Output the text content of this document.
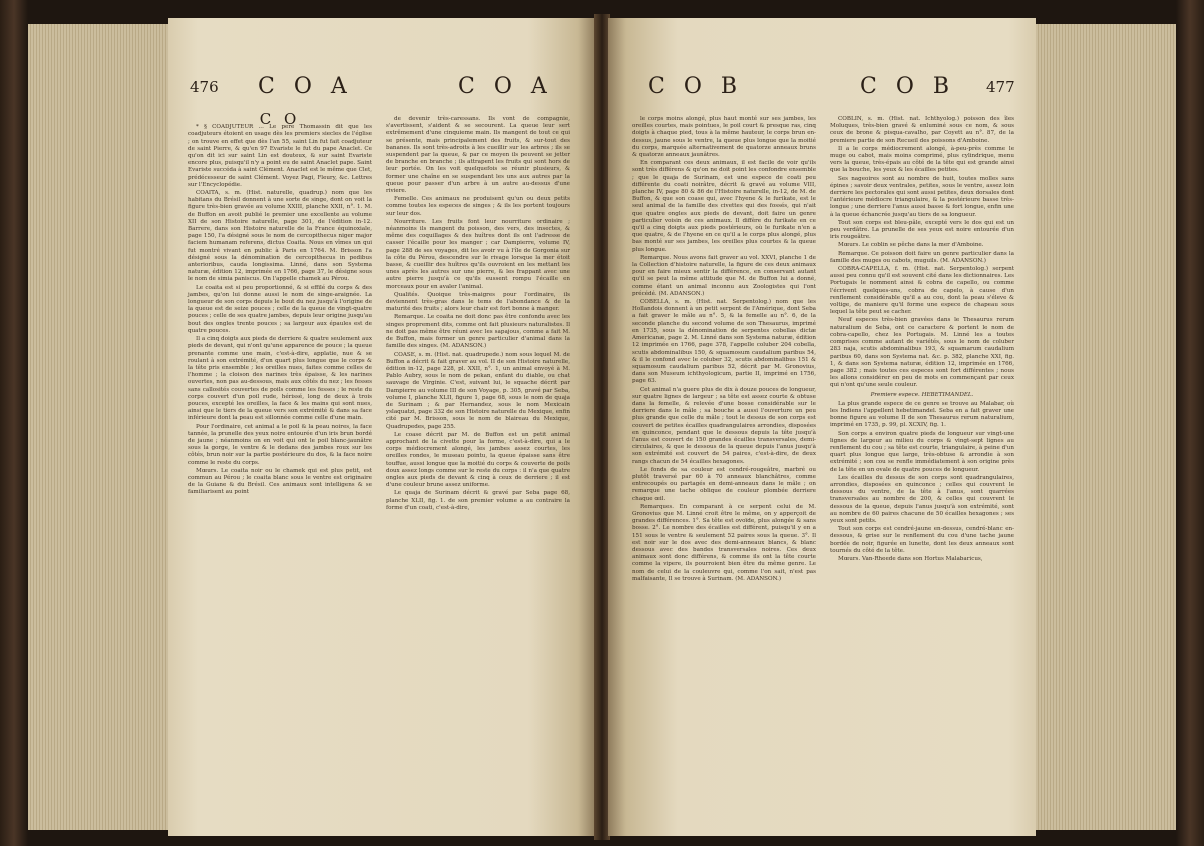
476 C O A	C O A

C O

* § COADJUTEUR ... Le pere Thomassin dit que les coadjuteurs étoient en usage dès les premiers siecles de l'église ; on trouve en effet que dès l'an 55, saint Lin fut fait coadjuteur de saint Pierre, & qu'en 97 Evariste le fut du pape Anaclet. Ce qu'on dit ici sur saint Lin est douteux, & sur saint Evariste encore plus, puisqu'il n'y a point eu de saint Anaclet pape. Saint Evariste succéda à saint Clément. Anaclet est le même que Clet, prédécesseur de saint Clément. Voyez Pagi, Fleury, &c. Lettres sur l'Encyclopédie.

COAITA, s. m. (Hist. naturelle, quadrup.) nom que les habitans du Brésil donnent à une sorte de singe, dont on voit la figure très-bien gravée au volume XXIII, planche XXII, n°. 1. M. de Buffon en avoit publié le premier une excellente au volume XII de son Histoire naturelle, page 301, de l'édition in-12. Barrere, dans son Histoire naturelle de la France équinoxiale, page 150, l'a désigné sous le nom de cercopithecus niger major faciem humanam referens, dictus Coaita. Nous en vîmes un qui fut montré vivant en public à Paris en 1764. M. Brisson l'a désigné sous la dénomination de cercopithecus in pedibus anterioribus, cauda longissima. Linné, dans son Systema naturæ, édition 12, imprimée en 1766, page 37, le désigne sous le nom de simia paniscus. On l'appelle chamek au Pérou.

Le coaita est si peu proportionné, & si effilé du corps & des jambes, qu'on lui donne aussi le nom de singe-araignée. La longueur de son corps depuis le bout du nez jusqu'à l'origine de la queue est de seize pouces ; celle de la queue de vingt-quatre pouces ; celle de ses quatre jambes, depuis leur origine jusqu'au bout des ongles trente pouces ; sa largeur aux épaules est de quatre pouces.

Il a cinq doigts aux pieds de derriere & quatre seulement aux pieds de devant, qui n'ont qu'une apparence de pouce ; la queue prenante comme une main, c'est-à-dire, applatie, nue & se roulant à son extrémité, d'un quart plus longue que le corps & la tête pris ensemble ; les oreilles nues, faites comme celles de l'homme ; la cloison des narines très épaisse, & les narines ouvertes, non pas au-dessous, mais aux côtés du nez ; les fesses sans callosités couvertes de poils comme les fesses ; le reste du corps couvert d'un poil rude, hérissé, long de deux à trois pouces, excepté les oreilles, la face & les mains qui sont nues, ainsi que le tiers de la queue vers son extrémité & dans sa face inférieure dont la peau est sillonnée comme celle d'une main.

Pour l'ordinaire, cet animal a le poil & la peau noires, la face tannée, la prunelle des yeux noire entourée d'un iris brun bordé de jaune ; néanmoins on en voit qui ont le poil blanc-jaunâtre sous la gorge, le ventre & le dedans des jambes roux sur les côtés, brun noir sur la partie postérieure du dos, & la face noire comme le reste du corps.

Mœurs. Le coaita noir ou le chamek qui est plus petit, est commun au Pérou ; le coaita blanc sous le ventre est originaire de la Guiane & du Brésil. Ces animaux sont intelligens & se familiarisent au point

de devenir très-caressans. Ils vont de compagnie, s'avertissent, s'aident & se secourent. La queue leur sert extrêmement d'une cinquieme main. Ils mangent de tout ce qui se présente, mais principalement des fruits, & sur-tout des bananes. Ils sont très-adroits à les cueillir sur les arbres ; ils se suspendent par la queue, & par ce moyen ils peuvent se jetter de branche en branche ; ils attrapent les fruits qui sont hors de leur portée. On les voit quelquefois se réunir plusieurs, & former une chaîne en se suspendant les uns aux autres par la queue pour passer d'un arbre à un autre au-dessus d'une riviere.

Femelle. Ces animaux ne produisent qu'un ou deux petits comme toutes les especes de singes ; & ils les portent toujours sur leur dos.

Nourriture. Les fruits font leur nourriture ordinaire ; néanmoins ils mangent du poisson, des vers, des insectes, & même des coquillages & des huîtres dont ils ont l'adresse de casser l'écaille pour les manger ; car Dampierre, volume IV, page 288 de ses voyages, dit les avoir vu à l'île de Gorgonia sur la côte du Pérou, descendre sur le rivage lorsque la mer étoit basse, & cueillir des huîtres qu'ils ouvroient en les mettant les unes après les autres sur une pierre, & les frappant avec une autre pierre jusqu'à ce qu'ils eussent rompu l'écaille en morceaux pour en avaler l'animal.

Qualités. Quoique très-maigres pour l'ordinaire, ils deviennent très-gras dans le tems de l'abondance & de la maturité des fruits ; alors leur chair est fort bonne à manger.

Remarque. Le coaita ne doit donc pas être confondu avec les singes proprement dits, comme ont fait plusieurs naturalistes. Il ne doit pas même être réuni avec les sapajous, comme a fait M. de Buffon, mais former un genre particulier d'animal dans la famille des singes. (M. ADANSON.)

COASE, s. m. (Hist. nat. quadrupede.) nom sous lequel M. de Buffon a décrit & fait graver au vol. II de son Histoire naturelle, édition in-12, page 228, pl. XXII, n°. 1, un animal envoyé à M. Pablo Aubry, sous le nom de pekan, enfant du diable, ou chat sauvage de Virginie. C'est, suivant lui, le squache décrit par Dampierre au volume III de son Voyage, p. 305, gravé par Seba, volume I, planche XLII, figure 1, page 68, sous le nom de quaja de Surinam ; & par Hernandez, sous le nom Mexicain yslaquatzi, page 332 de son Histoire naturelle du Mexique, enfin cité par M. Brisson, sous le nom de blaireau du Mexique, Quadrupedes, page 255.

Le coase décrit par M. de Buffon est un petit animal approchant de la civette pour la forme, c'est-à-dire, qui a le corps médiocrement alongé, les jambes assez courtes, les oreilles rondes, le museau pointu, la queue épaisse sans être touffue, aussi longue que la moitié du corps & couverte de poils doux assez longs comme sur le reste du corps : il n'a que quatre ongles aux pieds de devant & cinq à ceux de derriere ; il est d'une couleur brune assez uniforme.

Le quaja de Surinam décrit & gravé par Seba page 68, planche XLII, fig. 1. de son premier volume a au contraire la forme d'un coati, c'est-à-dire,

C O B	C O B 477

le corps moins alongé, plus haut monté sur ses jambes, les oreilles courtes, mais pointues, le poil court & presque ras, cinq doigts à chaque pied, tous à la même hauteur, le corps brun en-dessus, jaune sous le ventre, la queue plus longue que la moitié du corps, marquée alternativement de quatorze anneaux bruns & quatorze anneaux jaunâtres.

En comparant ces deux animaux, il est facile de voir qu'ils sont très différens & qu'on ne doit point les confondre ensemble ; que le quaja de Surinam, est une espece de coati peu différente du coati noirâtre, décrit & gravé au volume VIII, planche IV, page 80 & 86 de l'Histoire naturelle, in-12, de M. de Buffon, & que son coase qui, avec l'hyene & le furikate, est le seul animal de la famille des civettes qui des fossés, qui n'ait que quatre ongles aux pieds de devant, doit faire un genre particulier voisin de ces animaux. Il diffère du furikate en ce qu'il a cinq doigts aux pieds postérieurs, où le furikate n'en a que quatre, & de l'hyene en ce qu'il a le corps plus alongé, plus bas monté sur ses jambes, les oreilles plus courtes & la queue plus longue.

Remarque. Nous avons fait graver au vol. XXVI, planche 1 de la Collection d'histoire naturelle, la figure de ces deux animaux pour en faire mieux sentir la différence, en conservant autant qu'il se peut la même attitude que M. de Buffon lui a donné, comme étant un animal inconnu aux Zoologistes qui l'ont précédé. (M. ADANSON.)

COBELLA, s. m. (Hist. nat. Serpentolog.) nom que les Hollandois donnent à un petit serpent de l'Amérique, dont Seba a fait graver le mâle au n°. 5, & la femelle au n°. 6, de la seconde planche du second volume de son Thesaurus, imprimé en 1735, sous la dénomination de serpentes cobellas dictæ Americanæ, page 2. M. Linné dans son Systema naturæ, édition 12 imprimée en 1766, page 378, l'appelle coluber 204 cobella, scutis abdominalibus 150, & squamosum caudalium paribus 54, & il le confond avec le coluber 32, scutis abdominalibus 151 & squamosum caudalium paribus 52, décrit par M. Gronovius, dans son Museum ichthyologicum, partie II, imprimé en 1756, page 63.

Cet animal n'a guere plus de dix à douze pouces de longueur, sur quatre lignes de largeur ; sa tête est assez courte & obtuse dans la femelle, & relevée d'une bosse considérable sur le derriere dans le mâle ; sa bouche a aussi l'ouverture un peu plus grande que celle du mâle ; tout le dessus de son corps est couvert de petites écailles quadrangulaires arrondies, disposées en quinconce, pendant que le dessous depuis la tête jusqu'à l'anus est couvert de 150 grandes écailles transversales, demi-circulaires, & que le dessous de la queue depuis l'anus jusqu'à son extrémité est couvert de 54 paires, c'est-à-dire, de deux rangs chacun de 54 écailles hexagones.

Le fonds de sa couleur est cendré-rougeâtre, marbré ou plutôt traversé par 60 à 70 anneaux blanchâtres, comme entrecoupés ou partagés en demi-anneaux dans le mâle ; on remarque une tache oblique de couleur plombée derriere chaque œil.

Remarques. En comparant à ce serpent celui de M. Gronovius que M. Linné croit être le même, on y apperçoit de grandes différences. 1°. Sa tête est ovoïde, plus alongée & sans bosse. 2°. Le nombre des écailles est différent, puisqu'il y en a 151 sous le ventre & seulement 52 paires sous la queue. 3°. Il est noir sur le dos avec des demi-anneaux blancs, & blanc dessous avec des bandes transversales noires. Ces deux animaux sont donc différens, & comme ils ont la tête courte comme la vipere, ils pourroient bien être du même genre. Le nom de celui de la couleuvre qui, comme l'on sait, n'est pas malfaisante, Il se trouve à Surinam. (M. ADANSON.)

COBLIN, s. m. (Hist. nat. Ichthyolog.) poisson des îles Moluques, très-bien gravé & enluminé sous ce nom, & sous ceux de brone & pisqua-cavalho, par Coyett au n°. 87, de la premiere partie de son Recueil des poissons d'Amboine.

Il a le corps médiocrement alongé, à-peu-près comme le muge ou cabot, mais moins comprimé, plus cylindrique, menu vers la queue, très-épais au côté de la tête qui est grande ainsi que la bouche, les yeux & les écailles petites.

Ses nageoires sont au nombre de huit, toutes molles sans épines ; savoir deux ventrales, petites, sous le ventre, assez loin derriere les pectorales qui sont aussi petites, deux dorsales dont l'antérieure médiocre triangulaire, & la postérieure basse très-longue ; une derriere l'anus aussi basse & fort longue, enfin une à la queue échancrée jusqu'au tiers de sa longueur.

Tout son corps est bleu-pâle, excepté vers le dos qui est un peu verdâtre. La prunelle de ses yeux est noire entourée d'un iris rougeâtre.

Mœurs. Le coblin se pêche dans la mer d'Amboine.

Remarque. Ce poisson doit faire un genre particulier dans la famille des muges ou cabots, muguils. (M. ADANSON.)

COBRA-CAPELLA, f. m. (Hist. nat. Serpentolog.) serpent aussi peu connu qu'il est souvent cité dans les dictionnaires. Les Portugais le nomment ainsi & cobra de capello, ou comme l'écrivent quelques-uns, cobra de capelo, à cause d'un renflement considérable qu'il a au cou, dont la peau s'éleve & voltige, de maniere qu'il forme une espece de chapeau sous lequel la tête peut se cacher.

Neuf especes très-bien gravées dans le Thesaurus rerum naturalium de Seba, ont ce caractere & portent le nom de cobra-capello, chez les Portugais. M. Linné les a toutes comprises comme autant de variétés, sous le nom de coluber 283 naja, scutis abdominalibus 193, & squamarum caudalium paribus 60, dans son Systema nat. &c. p. 382, planche XXI, fig. 1, & dans son Systema naturæ, édition 12, imprimée en 1766, page 382 ; mais toutes ces especes sont fort différentes ; nous les allons considérer en peu de mots en commençant par ceux qui n'ont qu'une seule couleur.

Premiere espece. HEBETIMANDEL.

La plus grande espece de ce genre se trouve au Malabar, où les Indiens l'appellent hebetimandel. Seba en a fait graver une bonne figure au volume II de son Thesaurus rerum naturalium, imprimé en 1735, p. 99, pl. XCXIV, fig. 1.

Son corps a environ quatre pieds de longueur sur vingt-une lignes de largeur au milieu du corps & vingt-sept lignes au renflement du cou ; sa tête est courte, triangulaire, à peine d'un quart plus longue que large, très-obtuse & arrondie à son extrémité ; son cou se renfle immédiatement à son origine près de la tête en un ovale de quatre pouces de longueur.

Les écailles du dessus de son corps sont quadrangulaires, arrondies, disposées en quinconce ; celles qui couvrent le dessous du ventre, de la tête à l'anus, sont quarrées transversales au nombre de 200, & celles qui couvrent le dessous de la queue, depuis l'anus jusqu'à son extrémité, sont au nombre de 60 paires chacune de 50 écailles hexagones ; ses yeux sont petits.

Tout son corps est cendré-jaune en-dessus, cendré-blanc en-dessous, & grise sur le renflement du cou d'une tache jaune bordée de noir, figurée en lunette, dont les deux anneaux sont tournés du côté de la tête.

Mœurs. Van-Rheede dans son Hortus Malabaricus,
